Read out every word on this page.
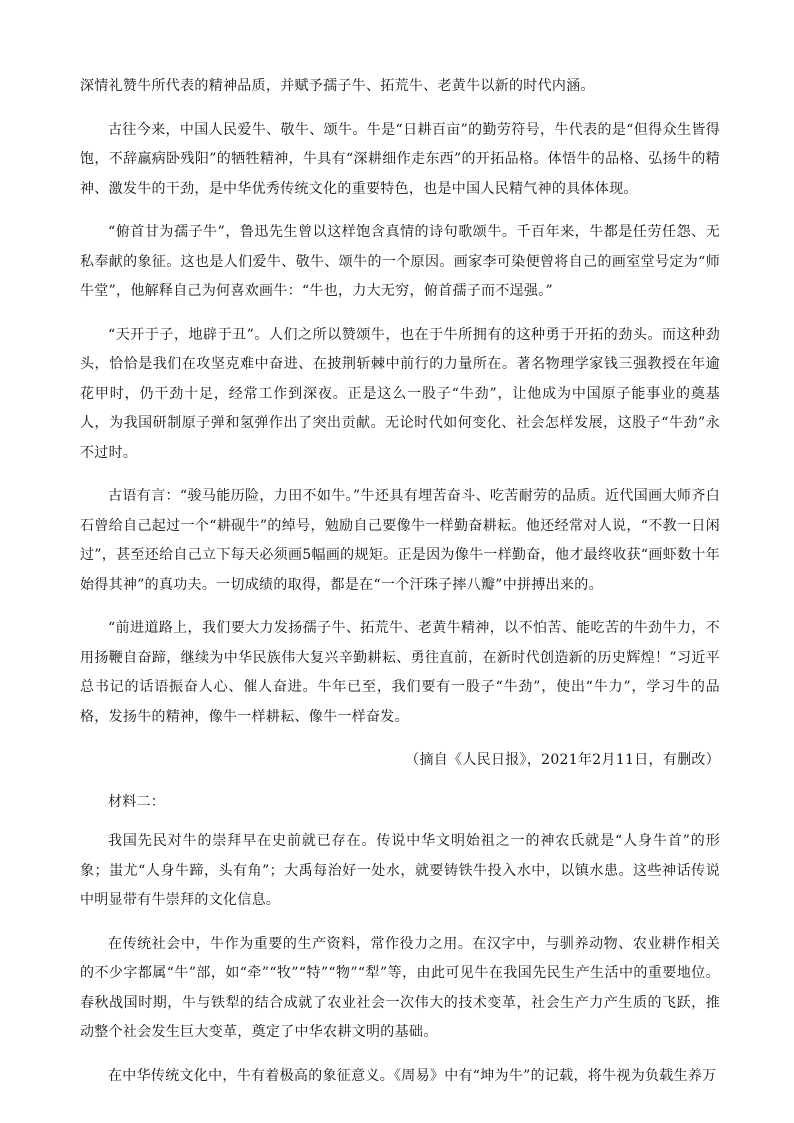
深情礼赞牛所代表的精神品质，并赋予孺子牛、拓荒牛、老黄牛以新的时代内涵。

古往今来，中国人民爱牛、敬牛、颂牛。牛是“日耕百亩”的勤劳符号，牛代表的是“但得众生皆得饱，不辞羸病卧残阳”的牺牲精神，牛具有“深耕细作走东西”的开拓品格。体悟牛的品格、弘扬牛的精神、激发牛的干劲，是中华优秀传统文化的重要特色，也是中国人民精气神的具体体现。

“俯首甘为孺子牛”，鲁迅先生曾以这样饱含真情的诗句歌颂牛。千百年来，牛都是任劳任怨、无私奉献的象征。这也是人们爱牛、敬牛、颂牛的一个原因。画家李可染便曾将自己的画室堂号定为“师牛堂”，他解释自己为何喜欢画牛：“牛也，力大无穷，俯首孺子而不逞强。”

“天开于子，地辟于丑”。人们之所以赞颂牛，也在于牛所拥有的这种勇于开拓的劲头。而这种劲头，恰恰是我们在攻坚克难中奋进、在披荆斩棘中前行的力量所在。著名物理学家钱三强教授在年逾花甲时，仍干劲十足，经常工作到深夜。正是这么一股子“牛劲”，让他成为中国原子能事业的奠基人，为我国研制原子弹和氢弹作出了突出贡献。无论时代如何变化、社会怎样发展，这股子“牛劲”永不过时。

古语有言：“骏马能历险，力田不如牛。”牛还具有埋苦奋斗、吃苦耐劳的品质。近代国画大师齐白石曾给自己起过一个“耕砚牛”的绰号，勉励自己要像牛一样勤奋耕耘。他还经常对人说，“不教一日闲过”，甚至还给自己立下每天必须画5幅画的规矩。正是因为像牛一样勤奋，他才最终收获“画虾数十年始得其神”的真功夫。一切成绩的取得，都是在“一个汗珠子摔八瓣”中拼搏出来的。

“前进道路上，我们要大力发扬孺子牛、拓荒牛、老黄牛精神，以不怕苦、能吃苦的牛劲牛力，不用扬鞭自奋蹄，继续为中华民族伟大复兴辛勤耕耘、勇往直前，在新时代创造新的历史辉煌！”习近平总书记的话语振奋人心、催人奋进。牛年已至，我们要有一股子“牛劲”，使出“牛力”，学习牛的品格，发扬牛的精神，像牛一样耕耘、像牛一样奋发。

（摘自《人民日报》，2021年2月11日，有删改）

材料二：

我国先民对牛的崇拜早在史前就已存在。传说中华文明始祖之一的神农氏就是“人身牛首”的形象；蚩尤“人身牛蹄，头有角”；大禹每治好一处水，就要铸铁牛投入水中，以镇水患。这些神话传说中明显带有牛崇拜的文化信息。

在传统社会中，牛作为重要的生产资料，常作役力之用。在汉字中，与驯养动物、农业耕作相关的不少字都属“牛”部，如“牵”“牧”“特”“物”“犁”等，由此可见牛在我国先民生产生活中的重要地位。春秋战国时期，牛与铁犁的结合成就了农业社会一次伟大的技术变革，社会生产力产生质的飞跃，推动整个社会发生巨大变革，奠定了中华农耕文明的基础。

在中华传统文化中，牛有着极高的象征意义。《周易》中有“坤为牛”的记载，将牛视为负载生养万
